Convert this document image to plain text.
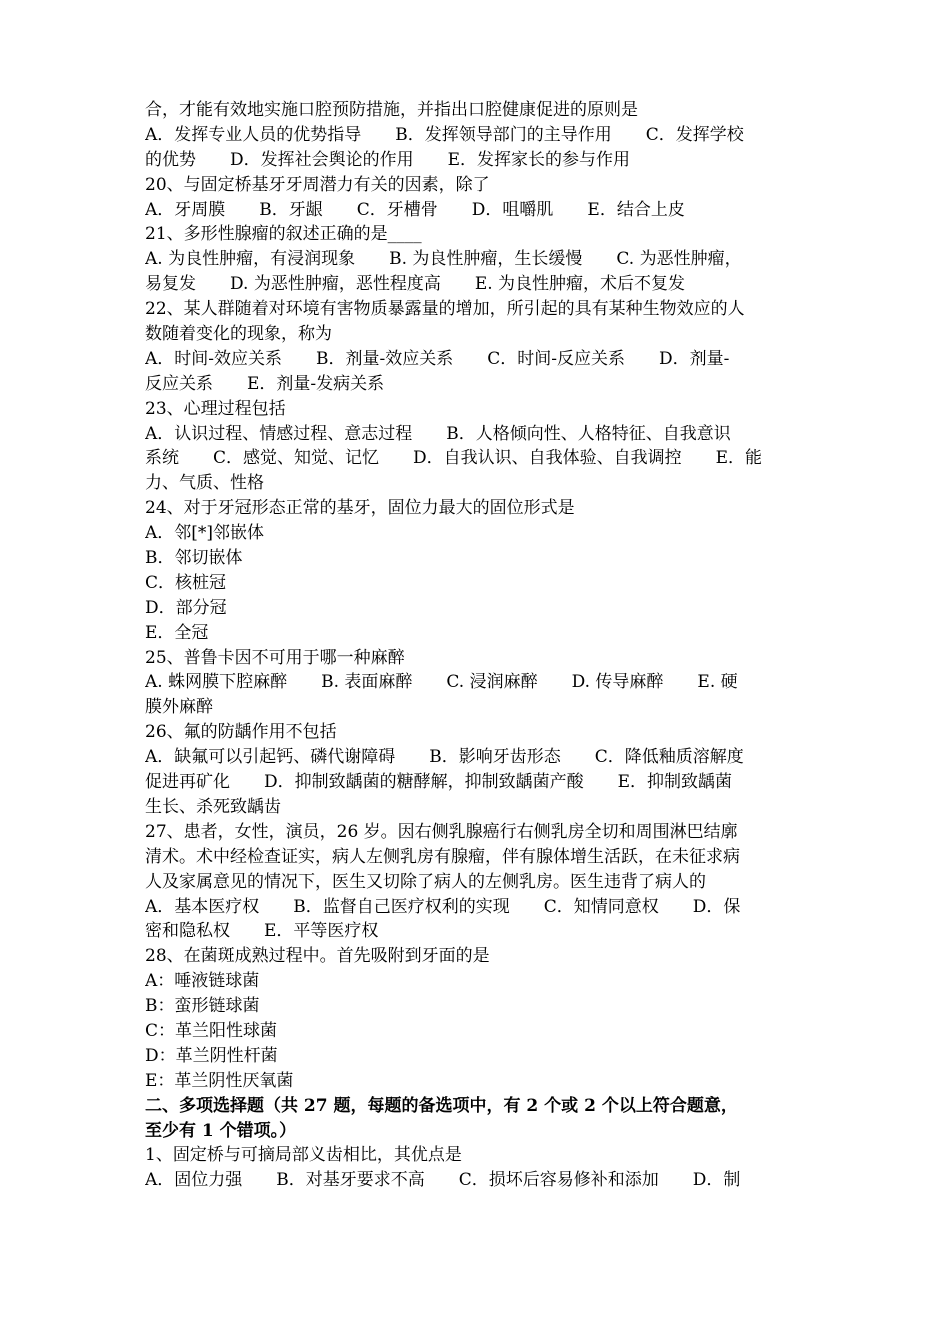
合，才能有效地实施口腔预防措施，并指出口腔健康促进的原则是
A．发挥专业人员的优势指导　　B．发挥领导部门的主导作用　　C．发挥学校
的优势　　D．发挥社会舆论的作用　　E．发挥家长的参与作用
20、与固定桥基牙牙周潜力有关的因素，除了
A．牙周膜　　B．牙龈　　C．牙槽骨　　D．咀嚼肌　　E．结合上皮
21、多形性腺瘤的叙述正确的是____
A. 为良性肿瘤，有浸润现象　　B. 为良性肿瘤，生长缓慢　　C. 为恶性肿瘤，
易复发　　D. 为恶性肿瘤，恶性程度高　　E. 为良性肿瘤，术后不复发
22、某人群随着对环境有害物质暴露量的增加，所引起的具有某种生物效应的人
数随着变化的现象，称为
A．时间-效应关系　　B．剂量-效应关系　　C．时间-反应关系　　D．剂量-
反应关系　　E．剂量-发病关系
23、心理过程包括
A．认识过程、情感过程、意志过程　　B．人格倾向性、人格特征、自我意识
系统　　C．感觉、知觉、记忆　　D．自我认识、自我体验、自我调控　　E．能
力、气质、性格
24、对于牙冠形态正常的基牙，固位力最大的固位形式是
A．邻[*]邻嵌体
B．邻切嵌体
C．核桩冠
D．部分冠
E．全冠
25、普鲁卡因不可用于哪一种麻醉
A. 蛛网膜下腔麻醉　　B. 表面麻醉　　C. 浸润麻醉　　D. 传导麻醉　　E. 硬
膜外麻醉
26、氟的防龋作用不包括
A．缺氟可以引起钙、磷代谢障碍　　B．影响牙齿形态　　C．降低釉质溶解度
促进再矿化　　D．抑制致龋菌的糖酵解，抑制致龋菌产酸　　E．抑制致龋菌
生长、杀死致龋齿
27、患者，女性，演员，26 岁。因右侧乳腺癌行右侧乳房全切和周围淋巴结廓
清术。术中经检查证实，病人左侧乳房有腺瘤，伴有腺体增生活跃，在未征求病
人及家属意见的情况下，医生又切除了病人的左侧乳房。医生违背了病人的
A．基本医疗权　　B．监督自己医疗权利的实现　　C．知情同意权　　D．保
密和隐私权　　E．平等医疗权
28、在菌斑成熟过程中。首先吸附到牙面的是
A：唾液链球菌
B：蛮形链球菌
C：革兰阳性球菌
D：革兰阴性杆菌
E：革兰阴性厌氧菌
二、多项选择题（共 27 题，每题的备选项中，有 2 个或 2 个以上符合题意，
至少有 1 个错项。）
1、固定桥与可摘局部义齿相比，其优点是
A．固位力强　　B．对基牙要求不高　　C．损坏后容易修补和添加　　D．制
